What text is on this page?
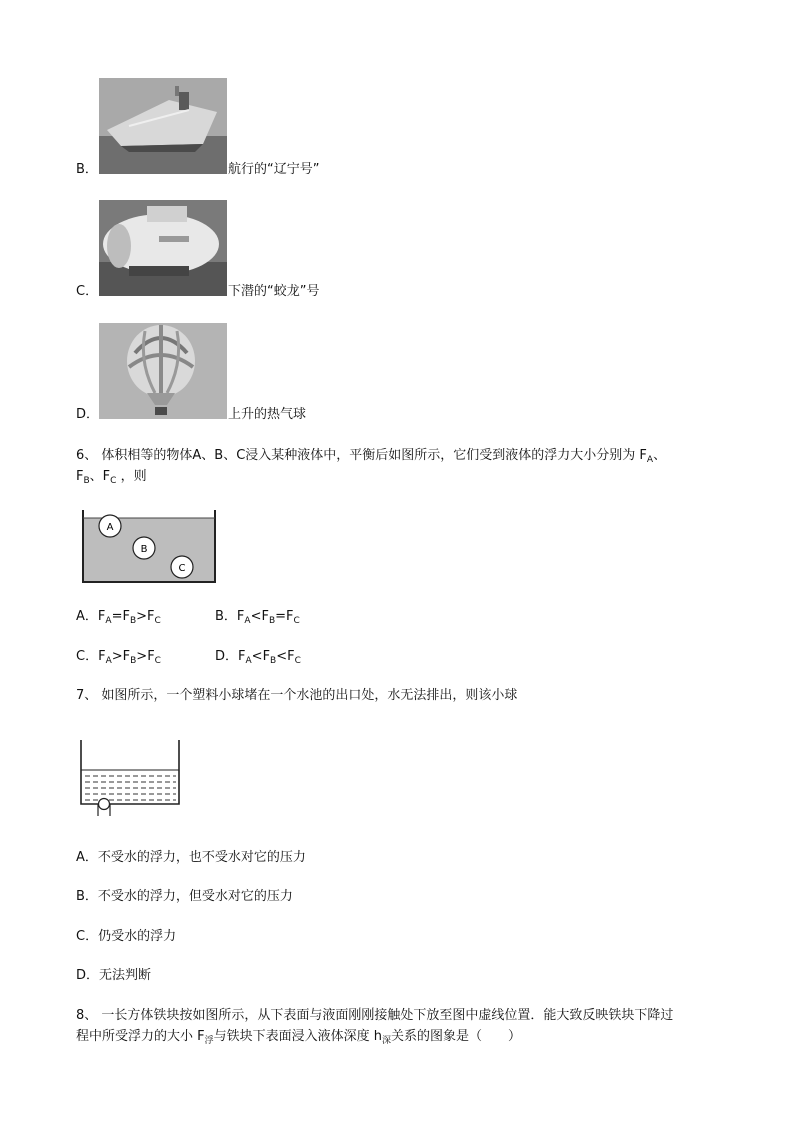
B．	航行的“辽宁号”
C．	下潜的“蛟龙”号
D．	上升的热气球
6、 体积相等的物体A、B、C浸入某种液体中，平衡后如图所示，它们受到液体的浮力大小分别为 $F_A$、
$F_B$、$F_C$ ，则
A
B
C
A．$F_A=F_B>F_C$	B．$F_A<F_B=F_C$
C．$F_A>F_B>F_C$	D．$F_A<F_B<F_C$
7、 如图所示，一个塑料小球堵在一个水池的出口处，水无法排出，则该小球
A．不受水的浮力，也不受水对它的压力
B．不受水的浮力，但受水对它的压力
C．仍受水的浮力
D．无法判断
8、 一长方体铁块按如图所示，从下表面与液面刚刚接触处下放至图中虚线位置．能大致反映铁块下降过
程中所受浮力的大小 $F_浮$与铁块下表面浸入液体深度 $h_深$关系的图象是（　　）
